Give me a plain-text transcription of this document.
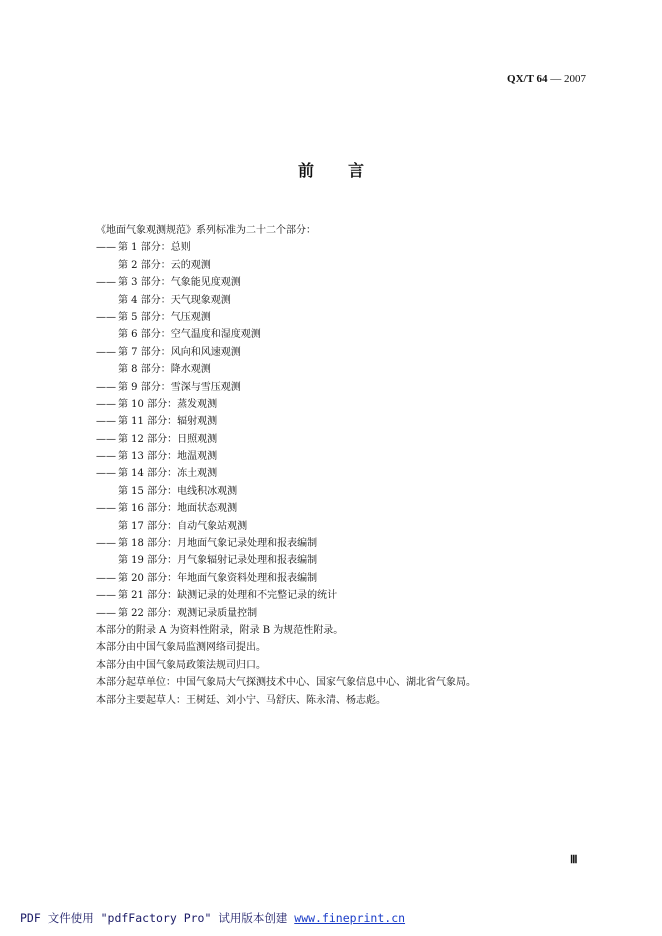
QX/T 64 — 2007
前言
《地面气象观测规范》系列标准为二十二个部分：
—— 第 1 部分：总则
第 2 部分：云的观测
—— 第 3 部分：气象能见度观测
第 4 部分：天气现象观测
—— 第 5 部分：气压观测
第 6 部分：空气温度和湿度观测
—— 第 7 部分：风向和风速观测
第 8 部分：降水观测
—— 第 9 部分：雪深与雪压观测
—— 第 10 部分：蒸发观测
—— 第 11 部分：辐射观测
—— 第 12 部分：日照观测
—— 第 13 部分：地温观测
—— 第 14 部分：冻土观测
第 15 部分：电线积冰观测
—— 第 16 部分：地面状态观测
第 17 部分：自动气象站观测
—— 第 18 部分：月地面气象记录处理和报表编制
第 19 部分：月气象辐射记录处理和报表编制
—— 第 20 部分：年地面气象资料处理和报表编制
—— 第 21 部分：缺测记录的处理和不完整记录的统计
—— 第 22 部分：观测记录质量控制
本部分的附录 A 为资料性附录，附录 B 为规范性附录。
本部分由中国气象局监测网络司提出。
本部分由中国气象局政策法规司归口。
本部分起草单位：中国气象局大气探测技术中心、国家气象信息中心、湖北省气象局。
本部分主要起草人：王树廷、刘小宁、马舒庆、陈永清、杨志彪。
Ⅲ
PDF 文件使用 "pdfFactory Pro" 试用版本创建 www.fineprint.cn
